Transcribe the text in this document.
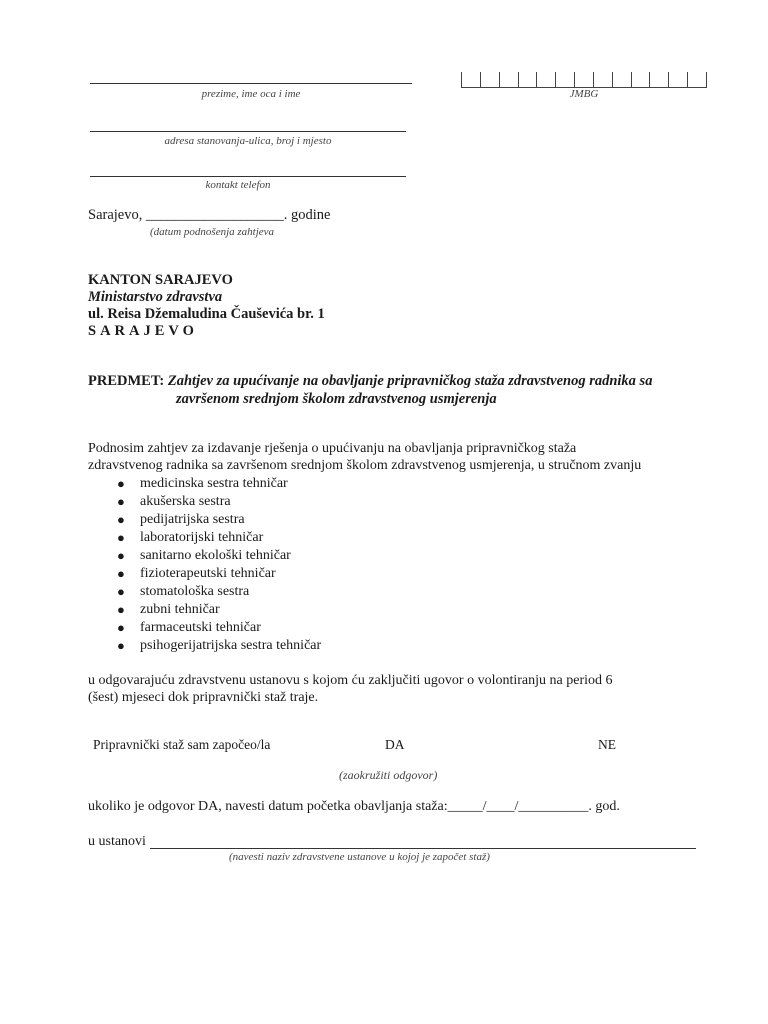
prezime, ime oca i ime	JMBG
adresa stanovanja-ulica, broj i mjesto
kontakt telefon
Sarajevo, ___________________. godine
(datum podnošenja zahtjeva
KANTON SARAJEVO
Ministarstvo zdravstva
ul. Reisa Džemaludina Čauševića br. 1
SARAJEVO
PREDMET: Zahtjev za upućivanje na obavljanje pripravničkog staža zdravstvenog radnika sa
završenom srednjom školom zdravstvenog usmjerenja
Podnosim zahtjev za izdavanje rješenja o upućivanju na obavljanja pripravničkog staža
zdravstvenog radnika sa završenom srednjom školom zdravstvenog usmjerenja, u stručnom zvanju
● medicinska sestra tehničar
● akušerska sestra
● pedijatrijska sestra
● laboratorijski tehničar
● sanitarno ekološki tehničar
● fizioterapeutski tehničar
● stomatološka sestra
● zubni tehničar
● farmaceutski tehničar
● psihogerijatrijska sestra tehničar
u odgovarajuću zdravstvenu ustanovu s kojom ću zaključiti ugovor o volontiranju na period 6
(šest) mjeseci dok pripravnički staž traje.
Pripravnički staž sam započeo/la	DA	NE
(zaokružiti odgovor)
ukoliko je odgovor DA, navesti datum početka obavljanja staža:_____/____/__________. god.
u ustanovi
(navesti naziv zdravstvene ustanove u kojoj je započet staž)
